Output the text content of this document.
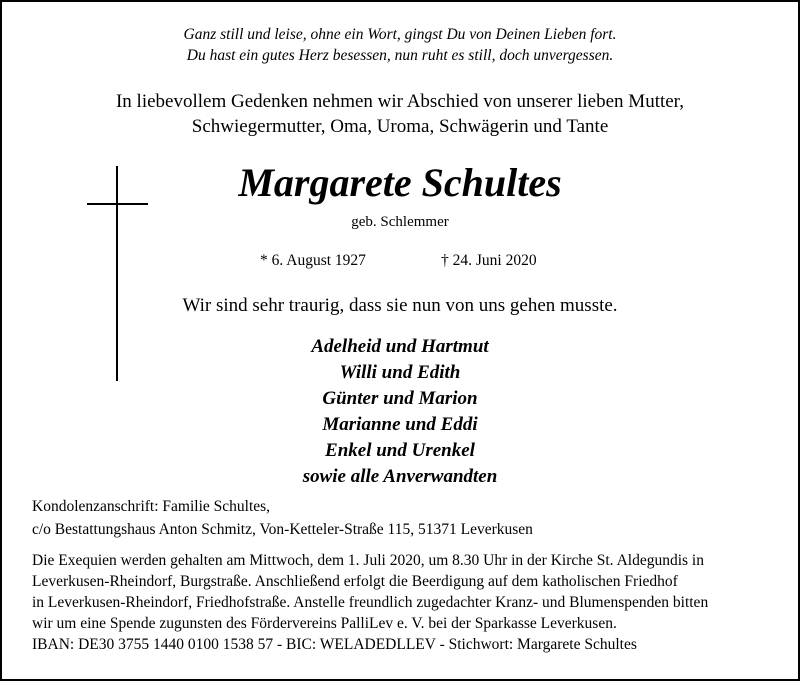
Ganz still und leise, ohne ein Wort, gingst Du von Deinen Lieben fort.
Du hast ein gutes Herz besessen, nun ruht es still, doch unvergessen.
In liebevollem Gedenken nehmen wir Abschied von unserer lieben Mutter,
Schwiegermutter, Oma, Uroma, Schwägerin und Tante
Margarete Schultes
geb. Schlemmer
* 6. August 1927	† 24. Juni 2020
Wir sind sehr traurig, dass sie nun von uns gehen musste.
Adelheid und Hartmut
Willi und Edith
Günter und Marion
Marianne und Eddi
Enkel und Urenkel
sowie alle Anverwandten
Kondolenzanschrift: Familie Schultes,
c/o Bestattungshaus Anton Schmitz, Von-Ketteler-Straße 115, 51371 Leverkusen
Die Exequien werden gehalten am Mittwoch, dem 1. Juli 2020, um 8.30 Uhr in der Kirche St. Aldegundis in
Leverkusen-Rheindorf, Burgstraße. Anschließend erfolgt die Beerdigung auf dem katholischen Friedhof
in Leverkusen-Rheindorf, Friedhofstraße. Anstelle freundlich zugedachter Kranz- und Blumenspenden bitten
wir um eine Spende zugunsten des Fördervereins PalliLev e. V. bei der Sparkasse Leverkusen.
IBAN: DE30 3755 1440 0100 1538 57 - BIC: WELADEDLLEV - Stichwort: Margarete Schultes
